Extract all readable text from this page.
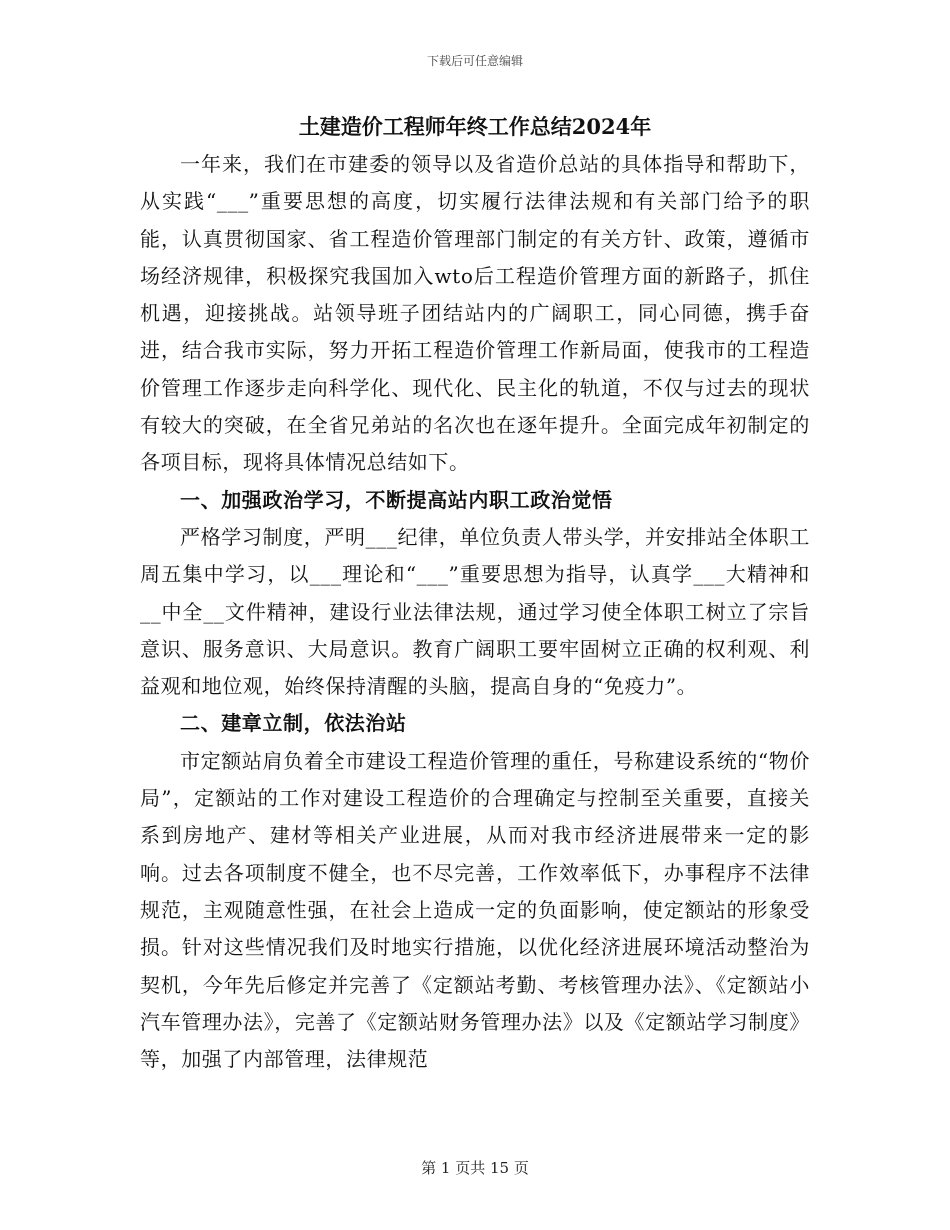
下载后可任意编辑
土建造价工程师年终工作总结2024年

一年来，我们在市建委的领导以及省造价总站的具体指导和帮助下，从实践“___”重要思想的高度，切实履行法律法规和有关部门给予的职能，认真贯彻国家、省工程造价管理部门制定的有关方针、政策，遵循市场经济规律，积极探究我国加入wto后工程造价管理方面的新路子，抓住机遇，迎接挑战。站领导班子团结站内的广阔职工，同心同德，携手奋进，结合我市实际，努力开拓工程造价管理工作新局面，使我市的工程造价管理工作逐步走向科学化、现代化、民主化的轨道，不仅与过去的现状有较大的突破，在全省兄弟站的名次也在逐年提升。全面完成年初制定的各项目标，现将具体情况总结如下。

一、加强政治学习，不断提高站内职工政治觉悟

严格学习制度，严明___纪律，单位负责人带头学，并安排站全体职工周五集中学习，以___理论和“___”重要思想为指导，认真学___大精神和__中全__文件精神，建设行业法律法规，通过学习使全体职工树立了宗旨意识、服务意识、大局意识。教育广阔职工要牢固树立正确的权利观、利益观和地位观，始终保持清醒的头脑，提高自身的“免疫力”。

二、建章立制，依法治站

市定额站肩负着全市建设工程造价管理的重任，号称建设系统的“物价局”，定额站的工作对建设工程造价的合理确定与控制至关重要，直接关系到房地产、建材等相关产业进展，从而对我市经济进展带来一定的影响。过去各项制度不健全，也不尽完善，工作效率低下，办事程序不法律规范，主观随意性强，在社会上造成一定的负面影响，使定额站的形象受损。针对这些情况我们及时地实行措施，以优化经济进展环境活动整治为契机，今年先后修定并完善了《定额站考勤、考核管理办法》、《定额站小汽车管理办法》，完善了《定额站财务管理办法》以及《定额站学习制度》等，加强了内部管理，法律规范

第 1 页共 15 页
